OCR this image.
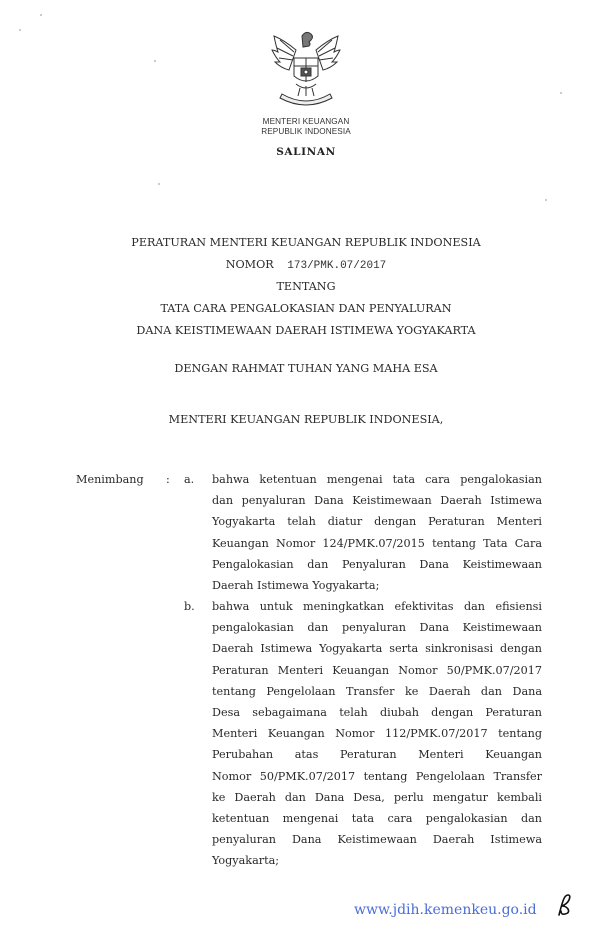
MENTERI KEUANGAN
REPUBLIK INDONESIA
SALINAN
PERATURAN MENTERI KEUANGAN REPUBLIK INDONESIA
NOMOR 173/PMK.07/2017
TENTANG
TATA CARA PENGALOKASIAN DAN PENYALURAN
DANA KEISTIMEWAAN DAERAH ISTIMEWA YOGYAKARTA
DENGAN RAHMAT TUHAN YANG MAHA ESA
MENTERI KEUANGAN REPUBLIK INDONESIA,
Menimbang : a. bahwa ketentuan mengenai tata cara pengalokasian
dan penyaluran Dana Keistimewaan Daerah Istimewa
Yogyakarta telah diatur dengan Peraturan Menteri
Keuangan Nomor 124/PMK.07/2015 tentang Tata Cara
Pengalokasian dan Penyaluran Dana Keistimewaan
Daerah Istimewa Yogyakarta;
b. bahwa untuk meningkatkan efektivitas dan efisiensi
pengalokasian dan penyaluran Dana Keistimewaan
Daerah Istimewa Yogyakarta serta sinkronisasi dengan
Peraturan Menteri Keuangan Nomor 50/PMK.07/2017
tentang Pengelolaan Transfer ke Daerah dan Dana
Desa sebagaimana telah diubah dengan Peraturan
Menteri Keuangan Nomor 112/PMK.07/2017 tentang
Perubahan atas Peraturan Menteri Keuangan
Nomor 50/PMK.07/2017 tentang Pengelolaan Transfer
ke Daerah dan Dana Desa, perlu mengatur kembali
ketentuan mengenai tata cara pengalokasian dan
penyaluran Dana Keistimewaan Daerah Istimewa
Yogyakarta;
www.jdih.kemenkeu.go.id
